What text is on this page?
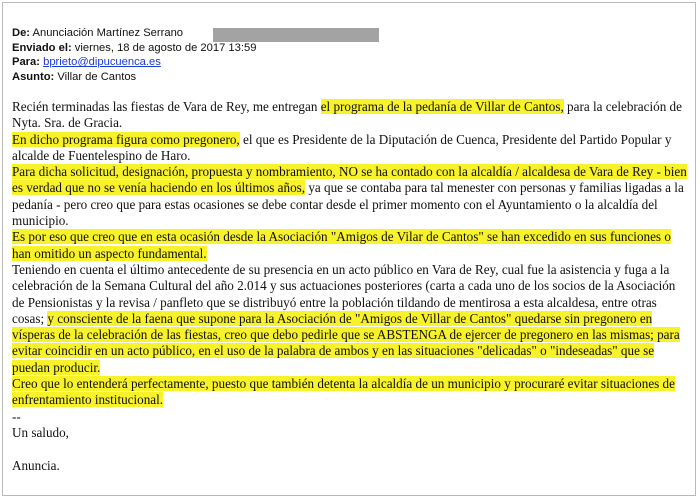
De: Anunciación Martínez Serrano
Enviado el: viernes, 18 de agosto de 2017 13:59
Para: bprieto@dipucuenca.es
Asunto: Villar de Cantos

Recién terminadas las fiestas de Vara de Rey, me entregan el programa de la pedanía de Villar de Cantos, para la celebración de Nyta. Sra. de Gracia.

En dicho programa figura como pregonero, el que es Presidente de la Diputación de Cuenca, Presidente del Partido Popular y alcalde de Fuentelespino de Haro.

Para dicha solicitud, designación, propuesta y nombramiento, NO se ha contado con la alcaldía / alcaldesa de Vara de Rey - bien es verdad que no se venía haciendo en los últimos años, ya que se contaba para tal menester con personas y familias ligadas a la pedanía - pero creo que para estas ocasiones se debe contar desde el primer momento con el Ayuntamiento o la alcaldía del municipio.

Es por eso que creo que en esta ocasión desde la Asociación "Amigos de Vilar de Cantos" se han excedido en sus funciones o han omitido un aspecto fundamental.

Teniendo en cuenta el último antecedente de su presencia en un acto público en Vara de Rey, cual fue la asistencia y fuga a la celebración de la Semana Cultural del año 2.014 y sus actuaciones posteriores (carta a cada uno de los socios de la Asociación de Pensionistas y la revisa / panfleto que se distribuyó entre la población tildando de mentirosa a esta alcaldesa, entre otras cosas; y consciente de la faena que supone para la Asociación de "Amigos de Villar de Cantos" quedarse sin pregonero en vísperas de la celebración de las fiestas, creo que debo pedirle que se ABSTENGA de ejercer de pregonero en las mismas; para evitar coincidir en un acto público, en el uso de la palabra de ambos y en las situaciones "delicadas" o "indeseadas" que se puedan producir.

Creo que lo entenderá perfectamente, puesto que también detenta la alcaldía de un municipio y procuraré evitar situaciones de enfrentamiento institucional.

--

Un saludo,

Anuncia.
